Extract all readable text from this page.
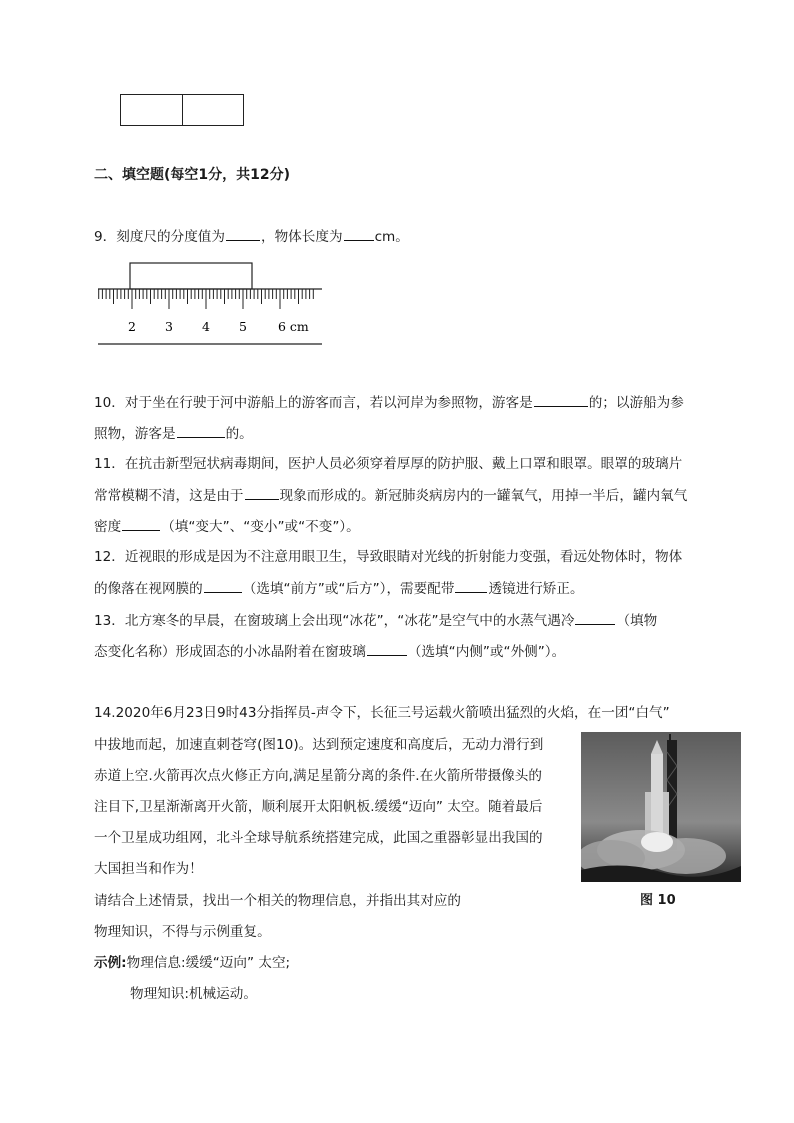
二、填空题(每空1分，共12分)
9．刻度尺的分度值为	，物体长度为 cm。
2 3 4 5 6 cm
10．对于坐在行驶于河中游船上的游客而言，若以河岸为参照物，游客是	的；以游船为参
照物，游客是	的。
11．在抗击新型冠状病毒期间，医护人员必须穿着厚厚的防护服、戴上口罩和眼罩。眼罩的玻璃片
常常模糊不清，这是由于	现象而形成的。新冠肺炎病房内的一罐氧气，用掉一半后，罐内氧气
密度	（填“变大”、“变小”或“不变”）。
12．近视眼的形成是因为不注意用眼卫生，导致眼睛对光线的折射能力变强，看远处物体时，物体
的像落在视网膜的	（选填“前方”或“后方”），需要配带	透镜进行矫正。
13．北方寒冬的早晨，在窗玻璃上会出现“冰花”，“冰花”是空气中的水蒸气遇冷	（填物
态变化名称）形成固态的小冰晶附着在窗玻璃	（选填“内侧”或“外侧”）。
14.2020年6月23日9时43分指挥员-声令下，长征三号运载火箭喷出猛烈的火焰，在一团“白气”
中拔地而起，加速直刺苍穹(图10)。达到预定速度和高度后，无动力滑行到
赤道上空.火箭再次点火修正方向,满足星箭分离的条件.在火箭所带摄像头的
注目下,卫星渐渐离开火箭，顺利展开太阳帆板.缓缓“迈向” 太空。随着最后
一个卫星成功组网，北斗全球导航系统搭建完成，此国之重器彰显出我国的
大国担当和作为！
请结合上述情景，找出一个相关的物理信息，并指出其对应的
物理知识，不得与示例重复。
示例:物理信息:缓缓“迈向” 太空;
物理知识:机械运动。
图 10
